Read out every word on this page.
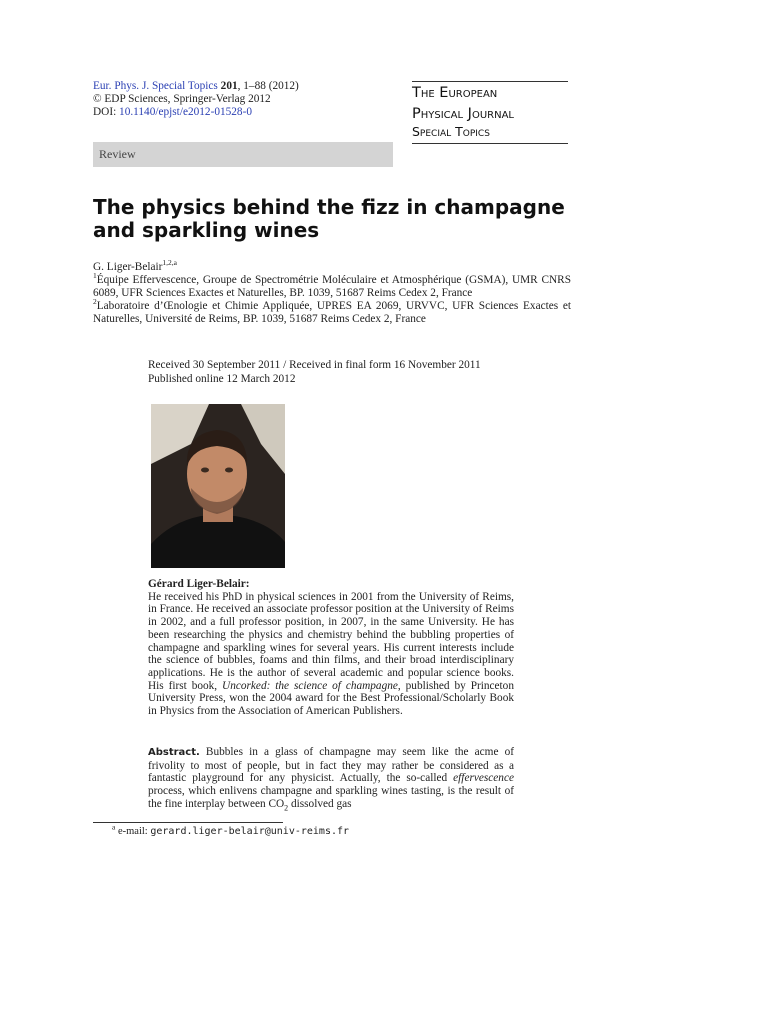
Eur. Phys. J. Special Topics 201, 1–88 (2012)
© EDP Sciences, Springer-Verlag 2012
DOI: 10.1140/epjst/e2012-01528-0
The European
Physical Journal
Special Topics
Review
The physics behind the fizz in champagne and sparkling wines
G. Liger-Belair$^{1,2,a}$
$^1$Équipe Effervescence, Groupe de Spectrométrie Moléculaire et Atmosphérique (GSMA), UMR CNRS 6089, UFR Sciences Exactes et Naturelles, BP. 1039, 51687 Reims Cedex 2, France
$^2$Laboratoire d’Œnologie et Chimie Appliquée, UPRES EA 2069, URVVC, UFR Sciences Exactes et Naturelles, Université de Reims, BP. 1039, 51687 Reims Cedex 2, France
Received 30 September 2011 / Received in final form 16 November 2011
Published online 12 March 2012
Gérard Liger-Belair:
He received his PhD in physical sciences in 2001 from the University of Reims, in France. He received an associate professor position at the University of Reims in 2002, and a full professor position, in 2007, in the same University. He has been researching the physics and chemistry behind the bubbling properties of champagne and sparkling wines for several years. His current interests include the science of bubbles, foams and thin films, and their broad interdisciplinary applications. He is the author of several academic and popular science books. His first book, Uncorked: the science of champagne, published by Princeton University Press, won the 2004 award for the Best Professional/Scholarly Book in Physics from the Association of American Publishers.
Abstract. Bubbles in a glass of champagne may seem like the acme of frivolity to most of people, but in fact they may rather be considered as a fantastic playground for any physicist. Actually, the so-called effervescence process, which enlivens champagne and sparkling wines tasting, is the result of the fine interplay between $CO_2$ dissolved gas
$^a$ e-mail: gerard.liger-belair@univ-reims.fr
